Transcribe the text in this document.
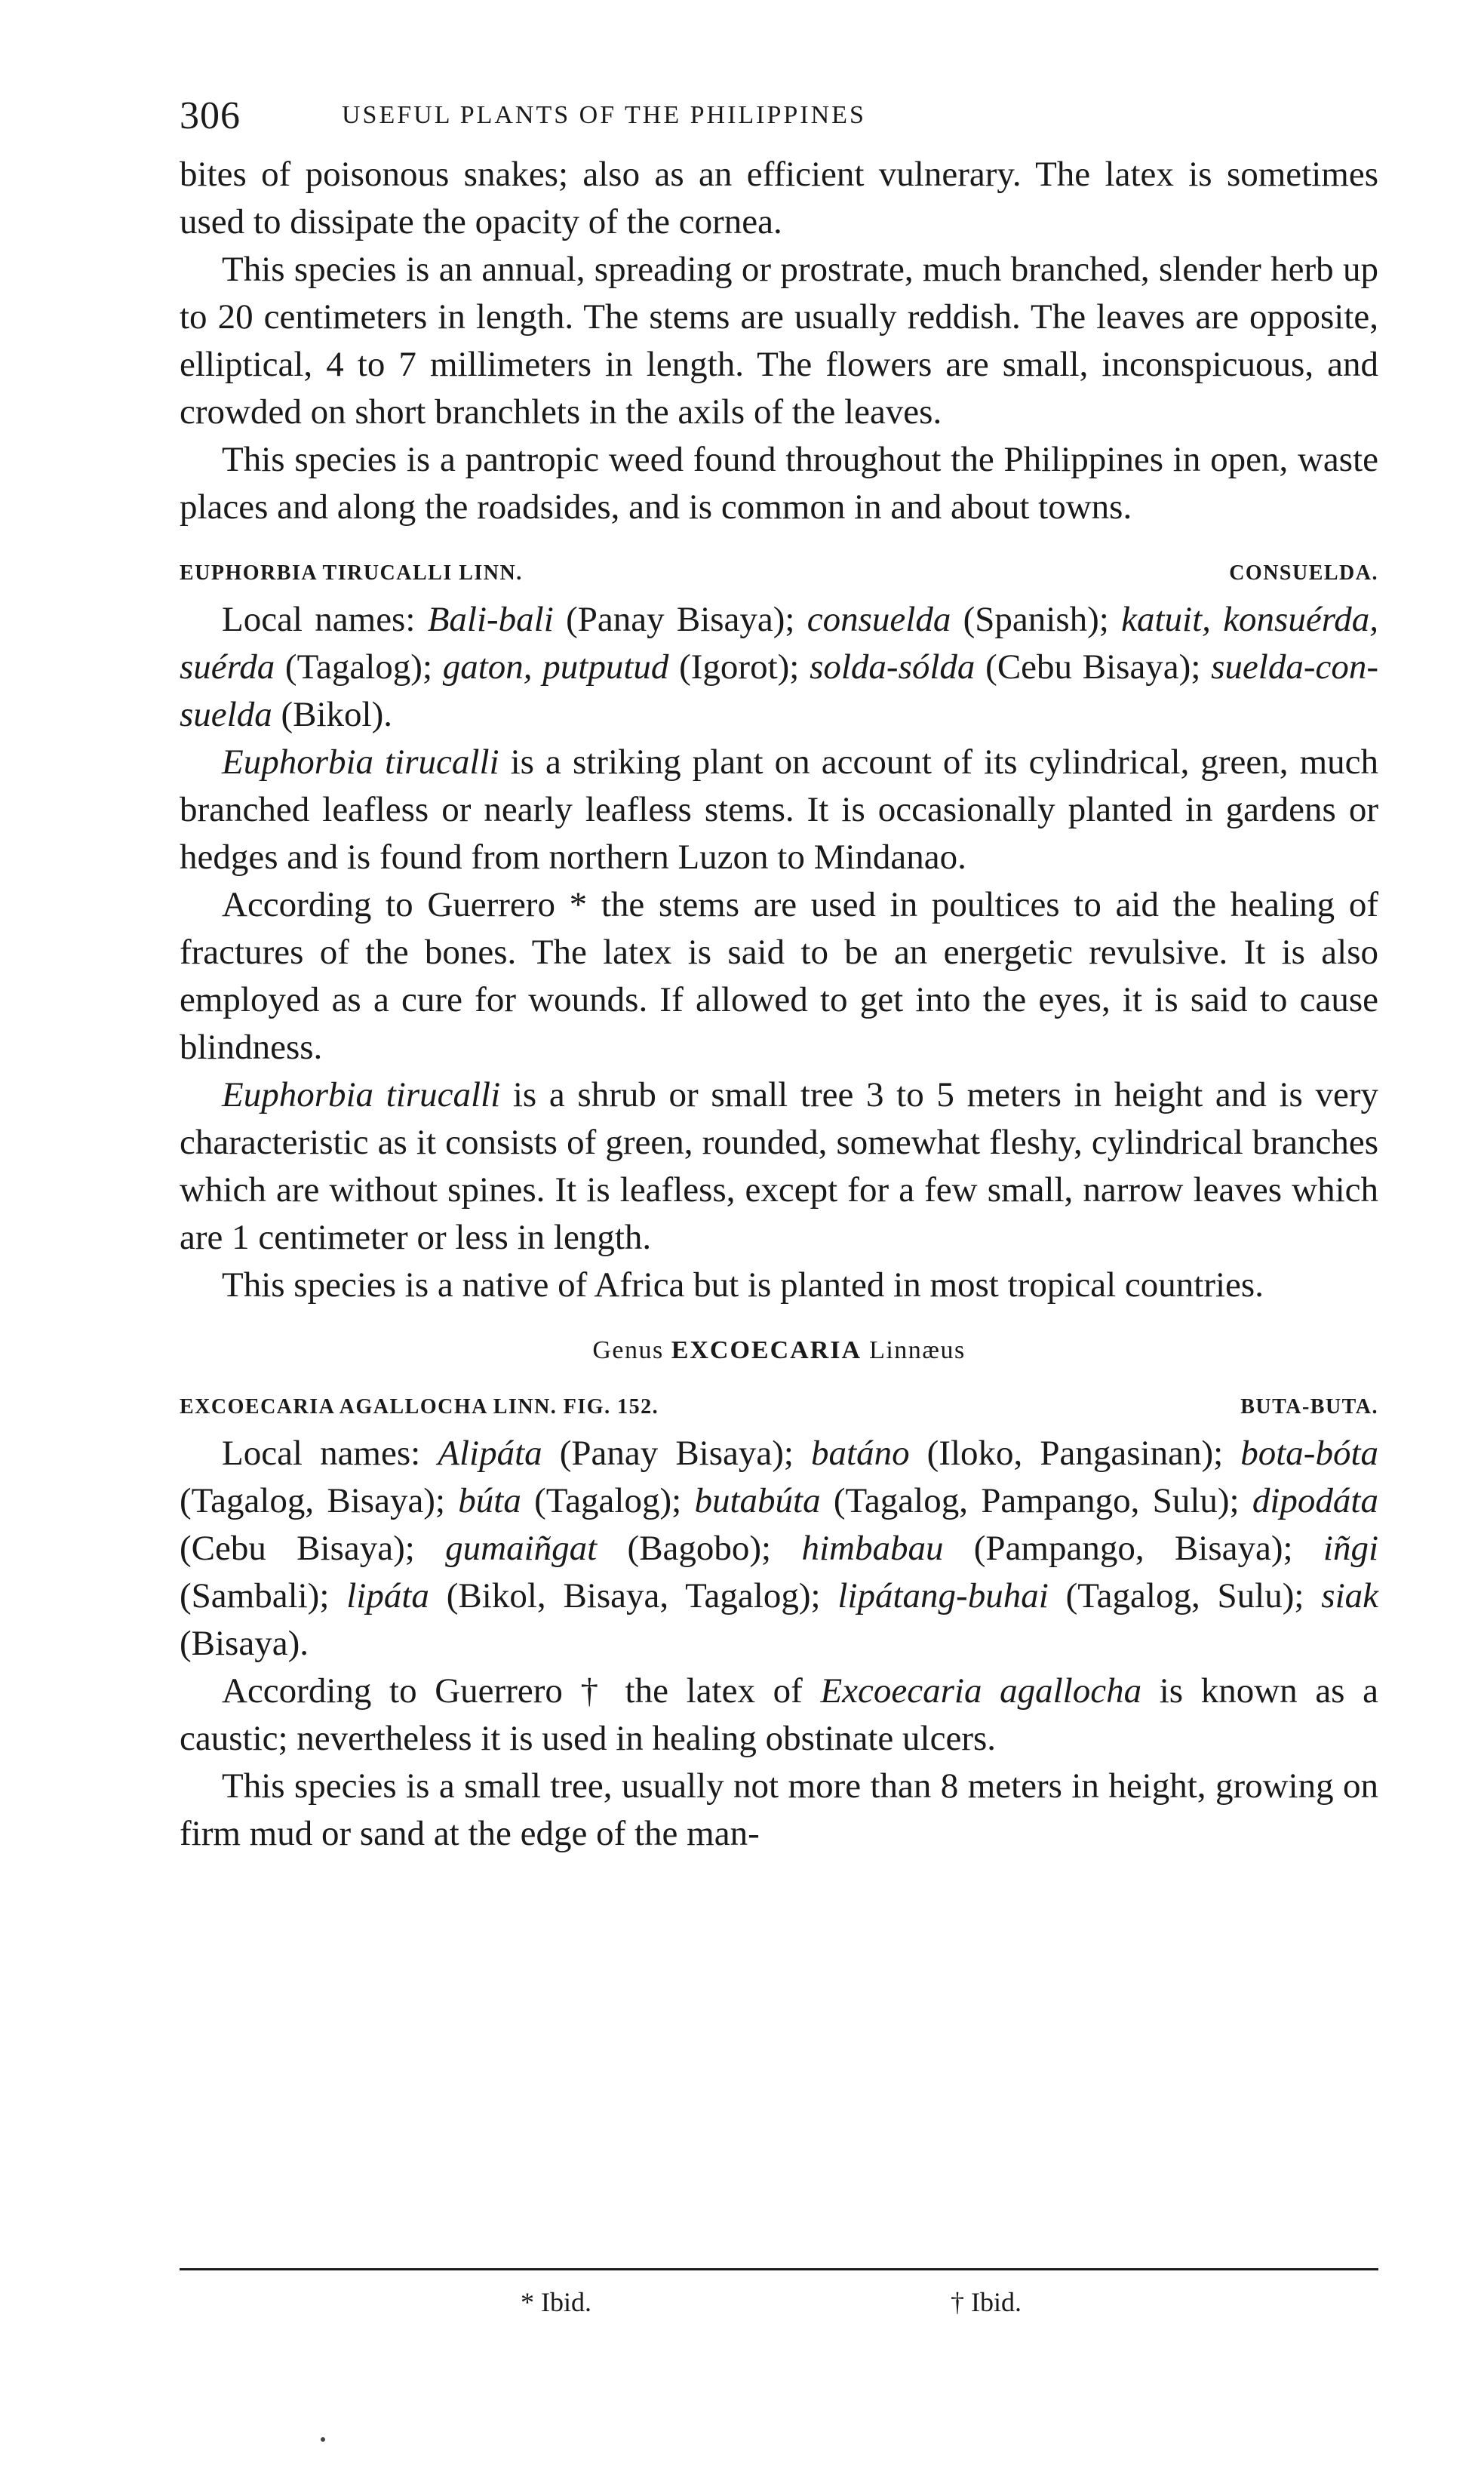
306	USEFUL PLANTS OF THE PHILIPPINES

bites of poisonous snakes; also as an efficient vulnerary. The latex is sometimes used to dissipate the opacity of the cornea.

This species is an annual, spreading or prostrate, much branched, slender herb up to 20 centimeters in length. The stems are usually reddish. The leaves are opposite, elliptical, 4 to 7 millimeters in length. The flowers are small, inconspicuous, and crowded on short branchlets in the axils of the leaves.

This species is a pantropic weed found throughout the Philippines in open, waste places and along the roadsides, and is common in and about towns.

EUPHORBIA TIRUCALLI LINN.	CONSUELDA.

Local names: Bali-bali (Panay Bisaya); consuelda (Spanish); katuit, konsuérda, suérda (Tagalog); gaton, putputud (Igorot); solda-sólda (Cebu Bisaya); suelda-con-suelda (Bikol).

Euphorbia tirucalli is a striking plant on account of its cylindrical, green, much branched leafless or nearly leafless stems. It is occasionally planted in gardens or hedges and is found from northern Luzon to Mindanao.

According to Guerrero * the stems are used in poultices to aid the healing of fractures of the bones. The latex is said to be an energetic revulsive. It is also employed as a cure for wounds. If allowed to get into the eyes, it is said to cause blindness.

Euphorbia tirucalli is a shrub or small tree 3 to 5 meters in height and is very characteristic as it consists of green, rounded, somewhat fleshy, cylindrical branches which are without spines. It is leafless, except for a few small, narrow leaves which are 1 centimeter or less in length.

This species is a native of Africa but is planted in most tropical countries.

Genus EXCOECARIA Linnæus
EXCOECARIA AGALLOCHA LINN. FIG. 152.	BUTA-BUTA.

Local names: Alipáta (Panay Bisaya); batáno (Iloko, Pangasinan); bota-bóta (Tagalog, Bisaya); búta (Tagalog); butabúta (Tagalog, Pampango, Sulu); dipodáta (Cebu Bisaya); gumaiñgat (Bagobo); himbabau (Pampango, Bisaya); iñgi (Sambali); lipáta (Bikol, Bisaya, Tagalog); lipátang-buhai (Tagalog, Sulu); siak (Bisaya).

According to Guerrero † the latex of Excoecaria agallocha is known as a caustic; nevertheless it is used in healing obstinate ulcers.

This species is a small tree, usually not more than 8 meters in height, growing on firm mud or sand at the edge of the man-

* Ibid.	† Ibid.
